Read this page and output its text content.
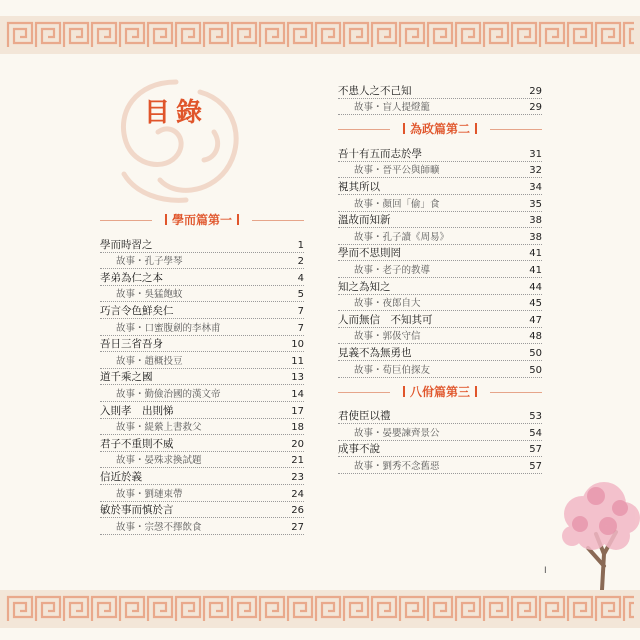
目錄
學而篇第一
學而時習之	1
故事・孔子學琴	2
孝弟為仁之本	4
故事・吳猛飽蚊	5
巧言令色鮮矣仁	7
故事・口蜜腹劍的李林甫	7
吾日三省吾身	10
故事・趙概投豆	11
道千乘之國	13
故事・勤儉治國的漢文帝	14
入則孝　出則悌	17
故事・緹縈上書救父	18
君子不重則不威	20
故事・晏殊求換試題	21
信近於義	23
故事・劉璉束帶	24
敏於事而慎於言	26
故事・宗愨不擇飲食	27
不患人之不己知	29
故事・盲人提燈籠	29
為政篇第二
吾十有五而志於學	31
故事・晉平公與師曠	32
視其所以	34
故事・顏回「偷」食	35
溫故而知新	38
故事・孔子讀《周易》	38
學而不思則罔	41
故事・老子的教導	41
知之為知之	44
故事・夜郎自大	45
人而無信　不知其可	47
故事・郭伋守信	48
見義不為無勇也	50
故事・荀巨伯探友	50
八佾篇第三
君使臣以禮	53
故事・晏嬰諫齊景公	54
成事不說	57
故事・劉秀不念舊惡	57
I
